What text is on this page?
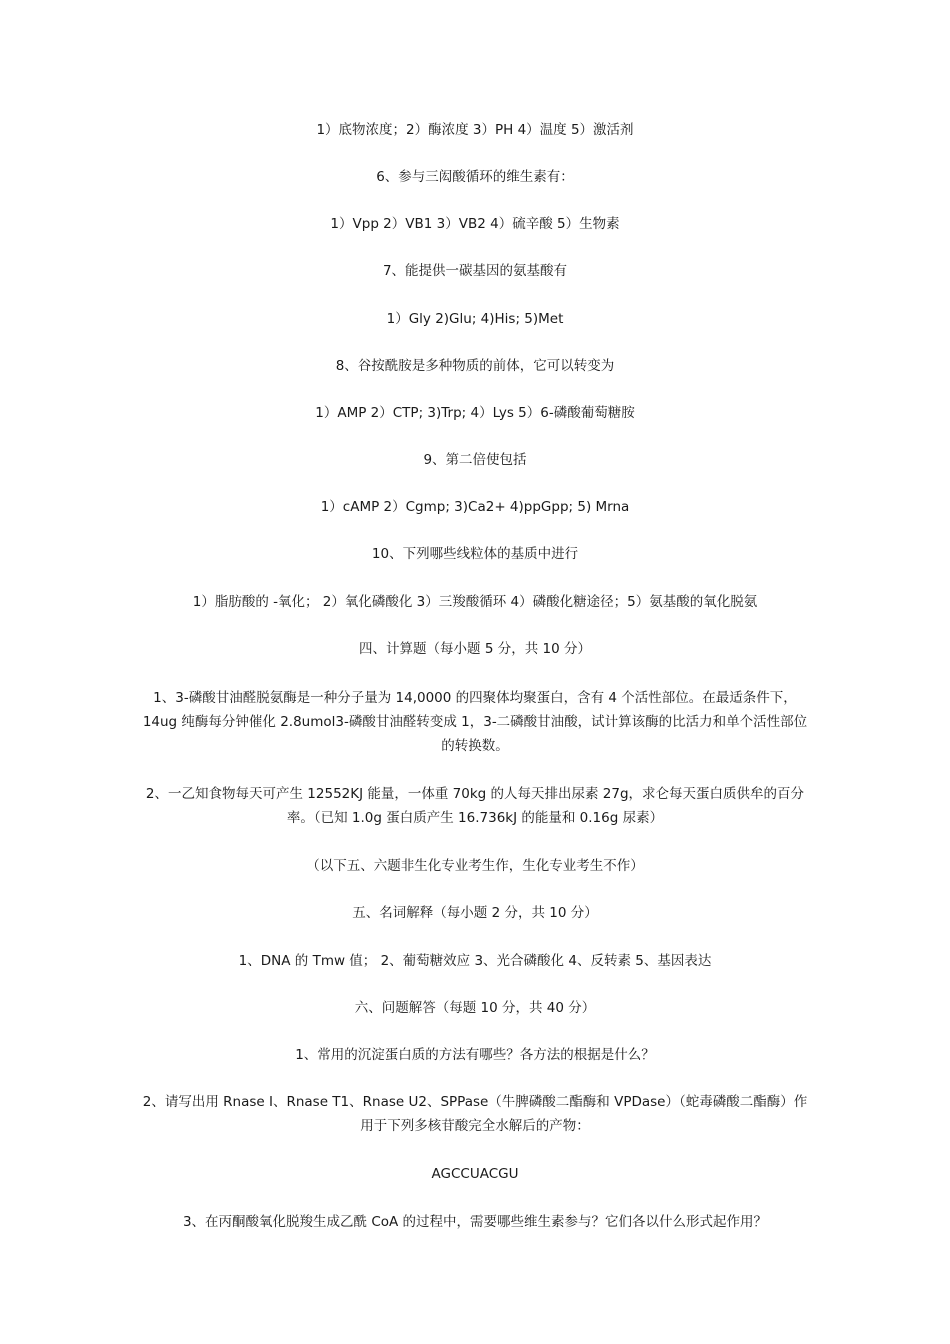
1）底物浓度；2）酶浓度 3）PH 4）温度 5）激活剂
6、参与三闳酸循环的维生素有：
1）Vpp 2）VB1 3）VB2 4）硫辛酸 5）生物素
7、能提供一碳基因的氨基酸有
1）Gly 2)Glu; 4)His; 5)Met
8、谷按酰胺是多种物质的前体，它可以转变为
1）AMP 2）CTP; 3)Trp; 4）Lys 5）6-磷酸葡萄糖胺
9、第二倍使包括
1）cAMP 2）Cgmp; 3)Ca2+ 4)ppGpp; 5) Mrna
10、下列哪些线粒体的基质中进行
1）脂肪酸的 -氧化； 2）氧化磷酸化 3）三羧酸循环 4）磷酸化糖途径；5）氨基酸的氧化脱氨
四、计算题（每小题 5 分，共 10 分）
1、3-磷酸甘油醛脱氨酶是一种分子量为 14,0000 的四聚体均聚蛋白，含有 4 个活性部位。在最适条件下，14ug 纯酶每分钟催化 2.8umol3-磷酸甘油醛转变成 1，3-二磷酸甘油酸，试计算该酶的比活力和单个活性部位的转换数。
2、一乙知食物每天可产生 12552KJ 能量，一体重 70kg 的人每天排出尿素 27g，求仑每天蛋白质供牟的百分率。（已知 1.0g 蛋白质产生 16.736kJ 的能量和 0.16g 尿素）
（以下五、六题非生化专业考生作，生化专业考生不作）
五、名词解释（每小题 2 分，共 10 分）
1、DNA 的 Tmw 值； 2、葡萄糖效应 3、光合磷酸化 4、反转素 5、基因表达
六、问题解答（每题 10 分，共 40 分）
1、常用的沉淀蛋白质的方法有哪些？各方法的根据是什么？
2、请写出用 Rnase I、Rnase T1、Rnase U2、SPPase（牛脾磷酸二酯酶和 VPDase）（蛇毒磷酸二酯酶）作用于下列多核苷酸完全水解后的产物：
AGCCUACGU
3、在丙酮酸氧化脱羧生成乙酰 CoA 的过程中，需要哪些维生素参与？它们各以什么形式起作用？
